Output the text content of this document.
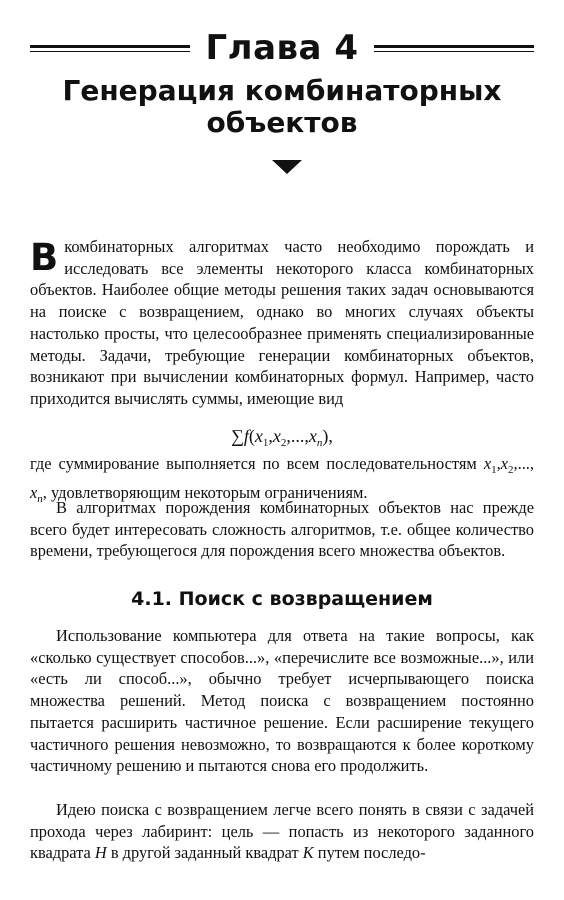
Глава 4
Генерация комбинаторных
объектов

В комбинаторных алгоритмах часто необходимо порождать и исследовать все элементы некоторого класса комбинаторных объектов. Наиболее общие методы решения таких задач основываются на поиске с возвращением, однако во многих случаях объекты настолько просты, что целесообразнее применять специализированные методы. Задачи, требующие генерации комбинаторных объектов, возникают при вычислении комбинаторных формул. Например, часто приходится вычислять суммы, имеющие вид

$\sum f(x_1,x_2,...,x_n)$,

где суммирование выполняется по всем последовательностям $x_1,x_2$,..., $x_n$, удовлетворяющим некоторым ограничениям.

В алгоритмах порождения комбинаторных объектов нас прежде всего будет интересовать сложность алгоритмов, т.е. общее количество времени, требующегося для порождения всего множества объектов.

4.1. Поиск с возвращением

Использование компьютера для ответа на такие вопросы, как «сколько существует способов...», «перечислите все возможные...», или «есть ли способ...», обычно требует исчерпывающего поиска множества решений. Метод поиска с возвращением постоянно пытается расширить частичное решение. Если расширение текущего частичного решения невозможно, то возвращаются к более короткому частичному решению и пытаются снова его продолжить.

Идею поиска с возвращением легче всего понять в связи с задачей прохода через лабиринт: цель — попасть из некоторого заданного квадрата H в другой заданный квадрат K путем последо-
